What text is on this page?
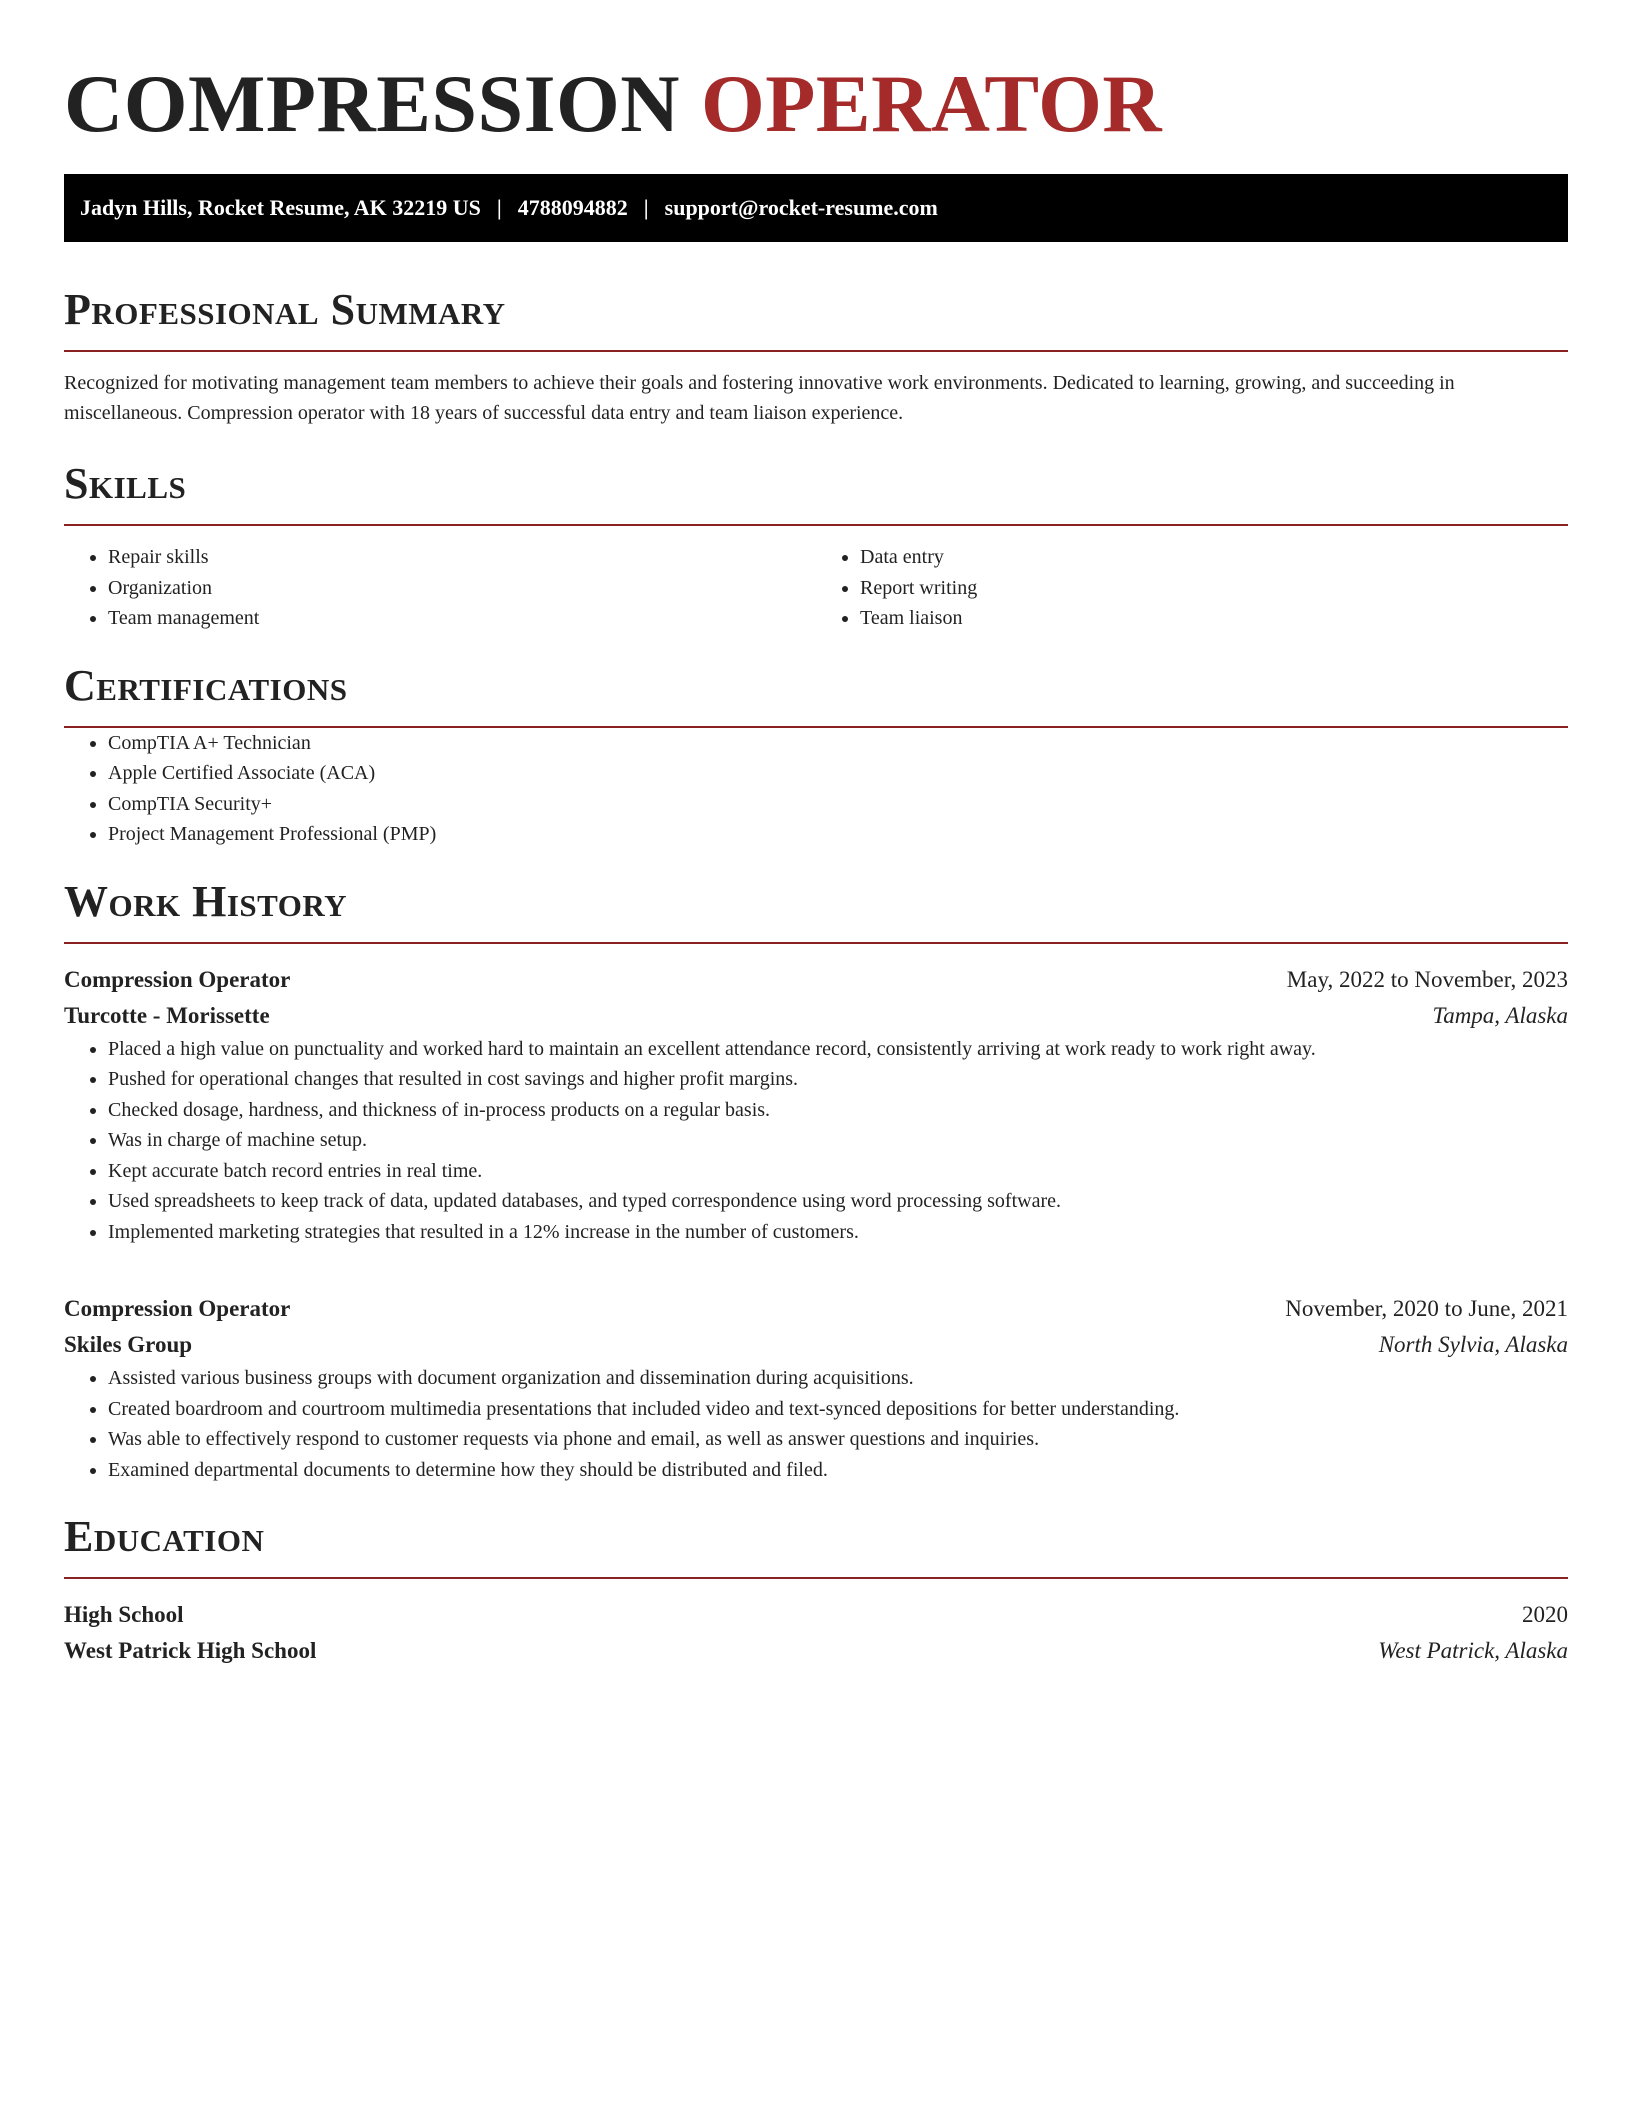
COMPRESSION OPERATOR
Jadyn Hills, Rocket Resume, AK 32219 US | 4788094882 | support@rocket-resume.com
Professional Summary

Recognized for motivating management team members to achieve their goals and fostering innovative work environments. Dedicated to learning, growing, and succeeding in miscellaneous. Compression operator with 18 years of successful data entry and team liaison experience.

Skills
• Repair skills
• Organization
• Team management
• Data entry
• Report writing
• Team liaison
Certifications
• CompTIA A+ Technician
• Apple Certified Associate (ACA)
• CompTIA Security+
• Project Management Professional (PMP)
Work History
Compression Operator	May, 2022 to November, 2023
Turcotte - Morissette	Tampa, Alaska
• Placed a high value on punctuality and worked hard to maintain an excellent attendance record, consistently arriving at work ready to work right away.
• Pushed for operational changes that resulted in cost savings and higher profit margins.
• Checked dosage, hardness, and thickness of in-process products on a regular basis.
• Was in charge of machine setup.
• Kept accurate batch record entries in real time.
• Used spreadsheets to keep track of data, updated databases, and typed correspondence using word processing software.
• Implemented marketing strategies that resulted in a 12% increase in the number of customers.
Compression Operator	November, 2020 to June, 2021
Skiles Group	North Sylvia, Alaska
• Assisted various business groups with document organization and dissemination during acquisitions.
• Created boardroom and courtroom multimedia presentations that included video and text-synced depositions for better understanding.
• Was able to effectively respond to customer requests via phone and email, as well as answer questions and inquiries.
• Examined departmental documents to determine how they should be distributed and filed.
Education
High School	2020
West Patrick High School	West Patrick, Alaska
